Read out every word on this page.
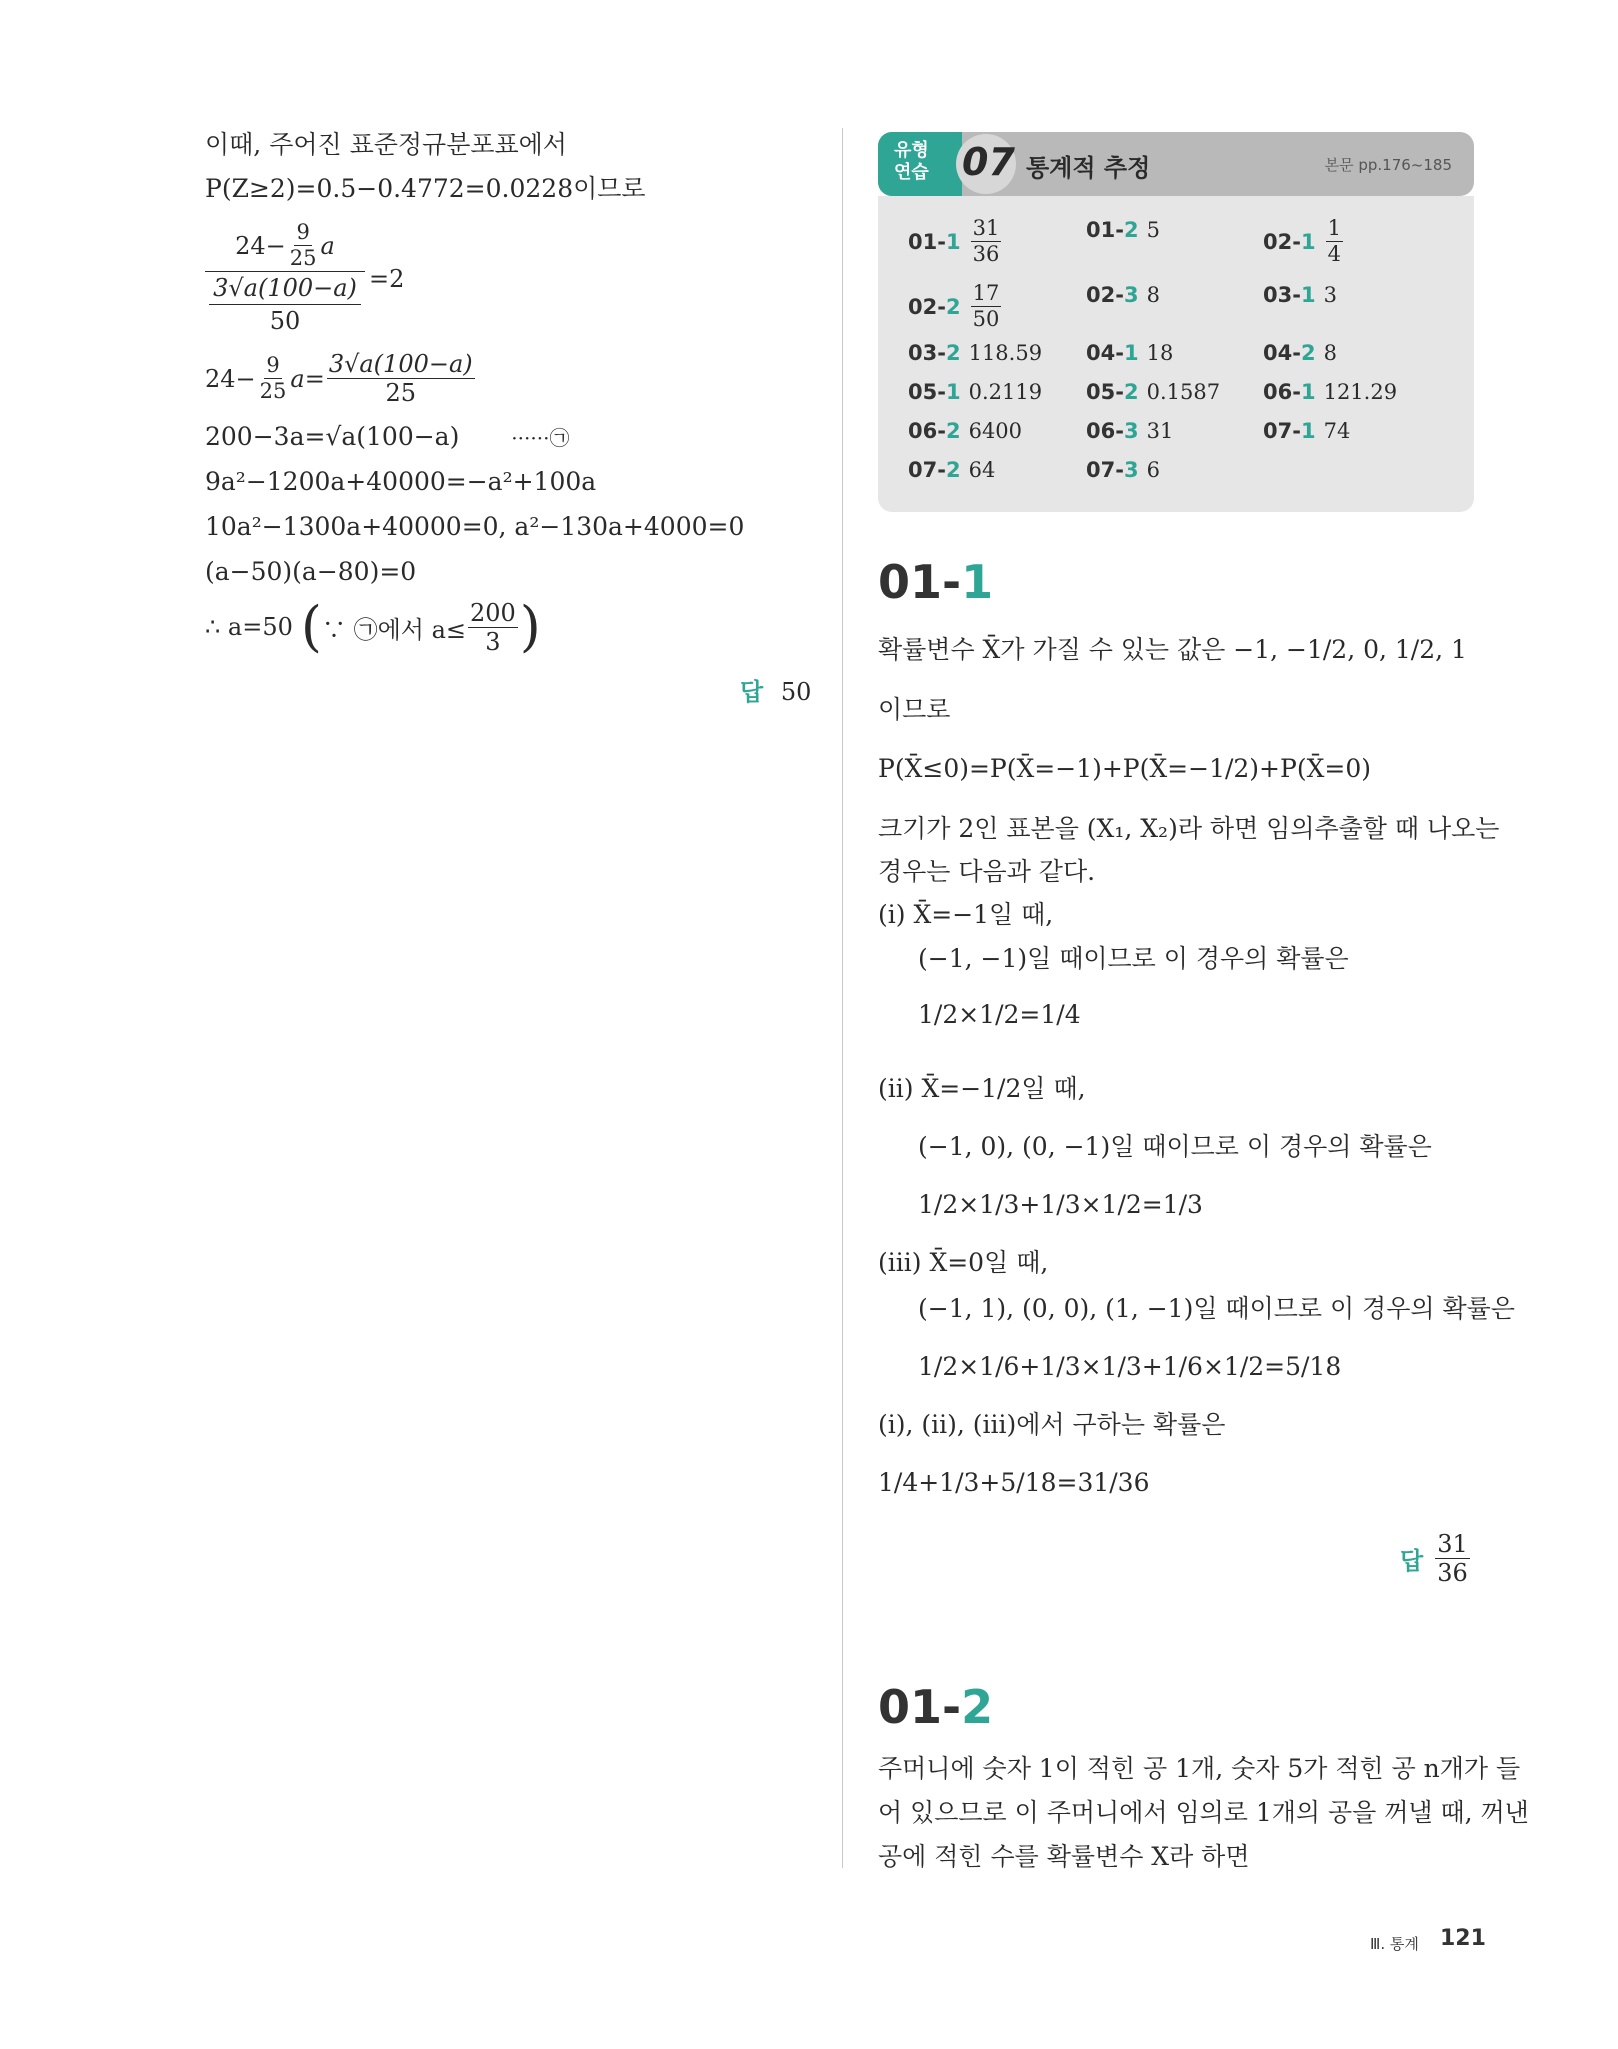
이때, 주어진 표준정규분포표에서
P(Z≥2)=0.5−0.4772=0.0228이므로
$24- \frac{9}{25}$ a
$\frac{3√a(100-a)}{50} =2$
$24- \frac{9}{25} a= \frac{3√a(100-a)}{25}$
200−3a=√a(100−a)	······㉠
9a²−1200a+40000=−a²+100a
10a²−1300a+40000=0, a²−130a+4000=0
(a−50)(a−80)=0
∴ a=50 ( ∵ ㉠에서 $a\le \frac{200}{3}$ )
답 50
유형
연습 07 통계적 추정	본문 pp.176~185
$01-1 \frac{31}{36}$	01-2 5	$02-1 \frac{1}{4}$
$02-2 \frac{17}{50}$	02-3 8	03-1 3
03-2 118.59 04-1 18	04-2 8
05-1 0.2119 05-2 0.1587 06-1 121.29
06-2 6400	06-3 31	07-1 74
07-2 64	07-3 6
01-1
확률변수 X̄가 가질 수 있는 값은 −1, −1/2, 0, 1/2, 1
이므로
P(X̄≤0)=P(X̄=−1)+P(X̄=−1/2)+P(X̄=0)
크기가 2인 표본을 (X₁, X₂)라 하면 임의추출할 때 나오는
경우는 다음과 같다.
(ⅰ) X̄=−1일 때,
(−1, −1)일 때이므로 이 경우의 확률은
1/2×1/2=1/4
(ⅱ) X̄=−1/2일 때,
(−1, 0), (0, −1)일 때이므로 이 경우의 확률은
1/2×1/3+1/3×1/2=1/3
(ⅲ) X̄=0일 때,
(−1, 1), (0, 0), (1, −1)일 때이므로 이 경우의 확률은
1/2×1/6+1/3×1/3+1/6×1/2=5/18
(ⅰ), (ⅱ), (ⅲ)에서 구하는 확률은
1/4+1/3+5/18=31/36
답 $\frac{31}{36}$
01-2
주머니에 숫자 1이 적힌 공 1개, 숫자 5가 적힌 공 n개가 들
어 있으므로 이 주머니에서 임의로 1개의 공을 꺼낼 때, 꺼낸
공에 적힌 수를 확률변수 X라 하면
Ⅲ. 통계 121
